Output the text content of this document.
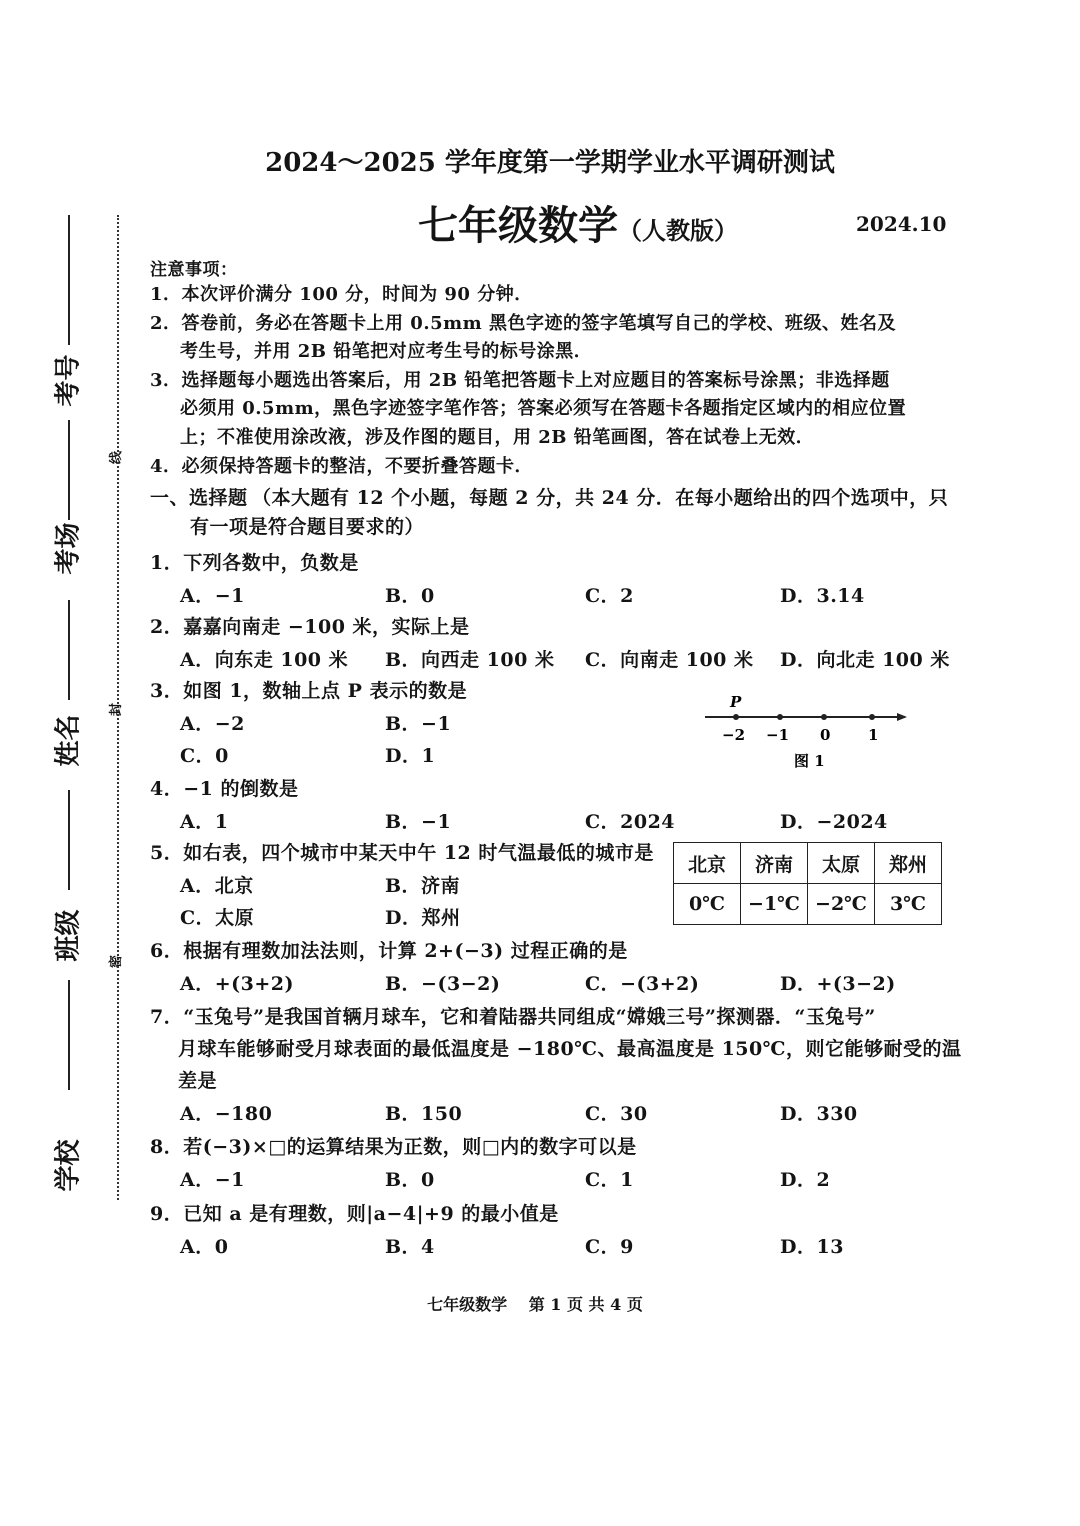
2024～2025 学年度第一学期学业水平调研测试
七年级数学（人教版）	2024.10
学校
班级
姓名
考场
考号
线
封
密
注意事项：
1．本次评价满分 100 分，时间为 90 分钟．
2．答卷前，务必在答题卡上用 0.5mm 黑色字迹的签字笔填写自己的学校、班级、姓名及
考生号，并用 2B 铅笔把对应考生号的标号涂黑．
3．选择题每小题选出答案后，用 2B 铅笔把答题卡上对应题目的答案标号涂黑；非选择题
必须用 0.5mm，黑色字迹签字笔作答；答案必须写在答题卡各题指定区域内的相应位置
上；不准使用涂改液，涉及作图的题目，用 2B 铅笔画图，答在试卷上无效．
4．必须保持答题卡的整洁，不要折叠答题卡．
一、选择题 （本大题有 12 个小题，每题 2 分，共 24 分．在每小题给出的四个选项中，只
有一项是符合题目要求的）
1．下列各数中，负数是
A．−1	B．0	C．2	D．3.14
2．嘉嘉向南走 −100 米，实际上是
A．向东走 100 米 B．向西走 100 米 C．向南走 100 米 D．向北走 100 米
3．如图 1，数轴上点 P 表示的数是
A．−2	B．−1
C．0	D．1
4．−1 的倒数是
A．1	B．−1	C．2024	D．−2024
5．如右表，四个城市中某天中午 12 时气温最低的城市是
A．北京	B．济南
C．太原	D．郑州
6．根据有理数加法法则，计算 2+(−3) 过程正确的是
A．+(3+2)	B．−(3−2)	C．−(3+2)	D．+(3−2)
7．“玉兔号”是我国首辆月球车，它和着陆器共同组成“嫦娥三号”探测器．“玉兔号”
月球车能够耐受月球表面的最低温度是 −180℃、最高温度是 150℃，则它能够耐受的温
差是
A．−180	B．150	C．30	D．330
8．若(−3)×□的运算结果为正数，则□内的数字可以是
A．−1	B．0	C．1	D．2
9．已知 a 是有理数，则|a−4|+9 的最小值是
A．0	B．4	C．9	D．13
P
−2 −1 0	1
图 1
北京	济南	太原	郑州
0℃	−1℃	−2℃	3℃
七年级数学　 第 1 页 共 4 页
